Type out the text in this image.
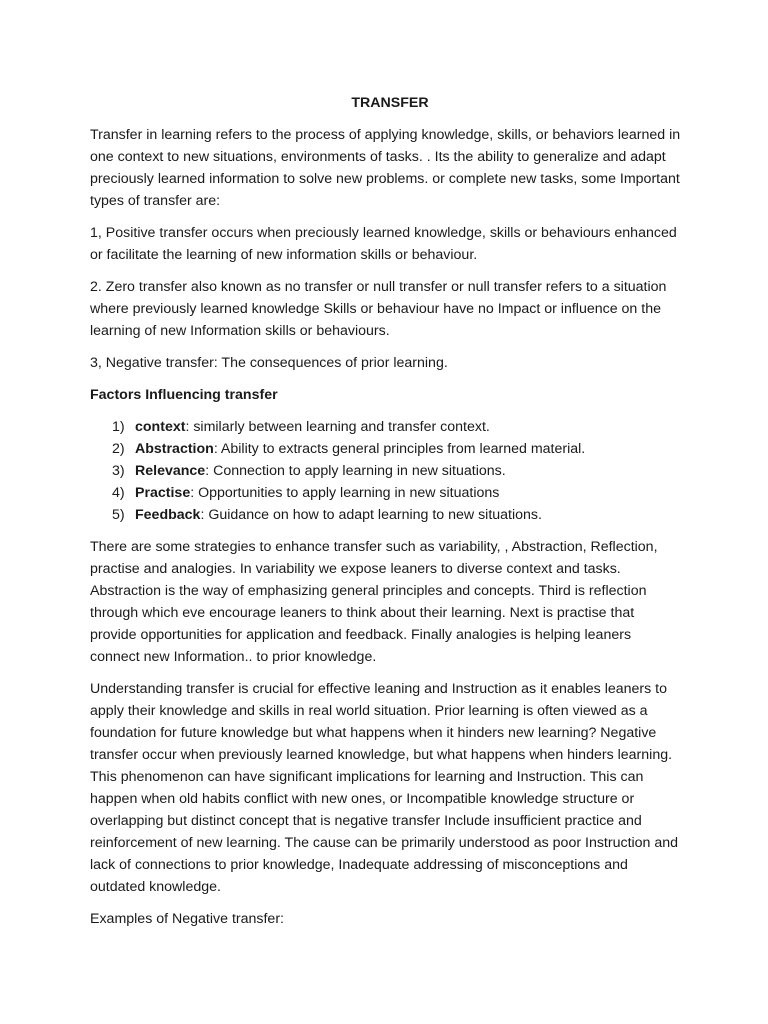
TRANSFER

Transfer in learning refers to the process of applying knowledge, skills, or behaviors learned in one context to new situations, environments of tasks. . Its the ability to generalize and adapt preciously learned information to solve new problems. or complete new tasks, some Important types of transfer are:

1, Positive transfer occurs when preciously learned knowledge, skills or behaviours enhanced or facilitate the learning of new information skills or behaviour.

2. Zero transfer also known as no transfer or null transfer or null transfer refers to a situation where previously learned knowledge Skills or behaviour have no Impact or influence on the learning of new Information skills or behaviours.

3, Negative transfer: The consequences of prior learning.

Factors Influencing transfer
1) context: similarly between learning and transfer context.
2) Abstraction: Ability to extracts general principles from learned material.
3) Relevance: Connection to apply learning in new situations.
4) Practise: Opportunities to apply learning in new situations
5) Feedback: Guidance on how to adapt learning to new situations.

There are some strategies to enhance transfer such as variability, , Abstraction, Reflection, practise and analogies. In variability we expose leaners to diverse context and tasks. Abstraction is the way of emphasizing general principles and concepts. Third is reflection through which eve encourage leaners to think about their learning. Next is practise that provide opportunities for application and feedback. Finally analogies is helping leaners connect new Information.. to prior knowledge.

Understanding transfer is crucial for effective leaning and Instruction as it enables leaners to apply their knowledge and skills in real world situation. Prior learning is often viewed as a foundation for future knowledge but what happens when it hinders new learning? Negative transfer occur when previously learned knowledge, but what happens when hinders learning. This phenomenon can have significant implications for learning and Instruction. This can happen when old habits conflict with new ones, or Incompatible knowledge structure or overlapping but distinct concept that is negative transfer Include insufficient practice and reinforcement of new learning. The cause can be primarily understood as poor Instruction and lack of connections to prior knowledge, Inadequate addressing of misconceptions and outdated knowledge.

Examples of Negative transfer:
